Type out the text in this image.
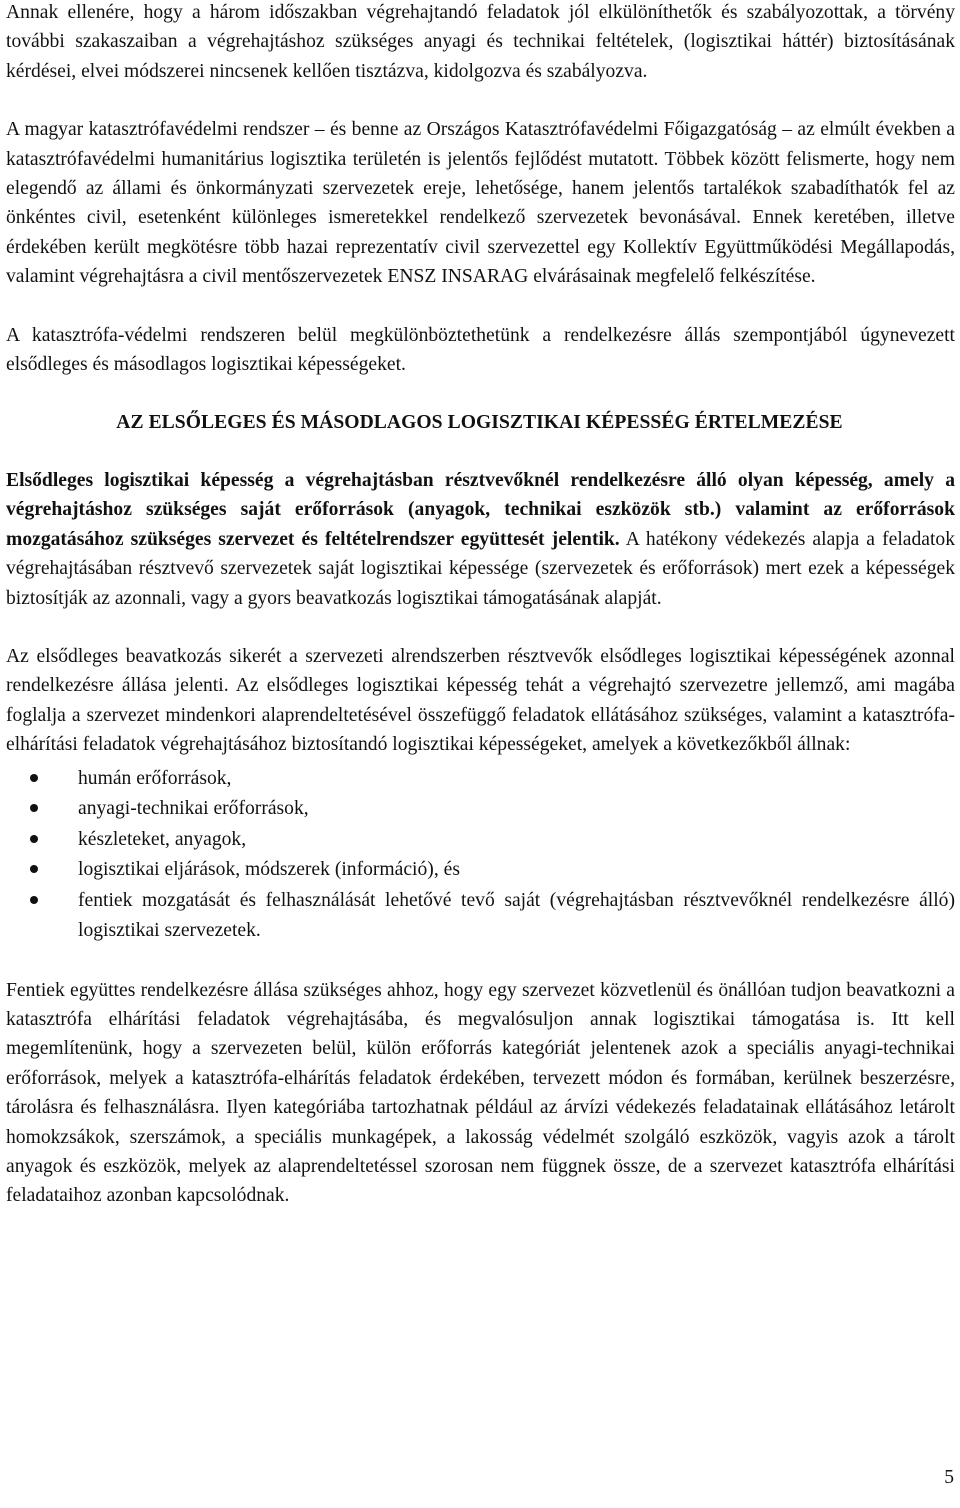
Annak ellenére, hogy a három időszakban végrehajtandó feladatok jól elkülöníthetők és szabályozottak, a törvény további szakaszaiban a végrehajtáshoz szükséges anyagi és technikai feltételek, (logisztikai háttér) biztosításának kérdései, elvei módszerei nincsenek kellően tisztázva, kidolgozva és szabályozva.

A magyar katasztrófavédelmi rendszer – és benne az Országos Katasztrófavédelmi Főigazgatóság – az elmúlt években a katasztrófavédelmi humanitárius logisztika területén is jelentős fejlődést mutatott. Többek között felismerte, hogy nem elegendő az állami és önkormányzati szervezetek ereje, lehetősége, hanem jelentős tartalékok szabadíthatók fel az önkéntes civil, esetenként különleges ismeretekkel rendelkező szervezetek bevonásával. Ennek keretében, illetve érdekében került megkötésre több hazai reprezentatív civil szervezettel egy Kollektív Együttműködési Megállapodás, valamint végrehajtásra a civil mentőszervezetek ENSZ INSARAG elvárásainak megfelelő felkészítése.

A katasztrófa-védelmi rendszeren belül megkülönböztethetünk a rendelkezésre állás szempontjából úgynevezett elsődleges és másodlagos logisztikai képességeket.

AZ ELSŐLEGES ÉS MÁSODLAGOS LOGISZTIKAI KÉPESSÉG ÉRTELMEZÉSE

Elsődleges logisztikai képesség a végrehajtásban résztvevőknél rendelkezésre álló olyan képesség, amely a végrehajtáshoz szükséges saját erőforrások (anyagok, technikai eszközök stb.) valamint az erőforrások mozgatásához szükséges szervezet és feltételrendszer együttesét jelentik. A hatékony védekezés alapja a feladatok végrehajtásában résztvevő szervezetek saját logisztikai képessége (szervezetek és erőforrások) mert ezek a képességek biztosítják az azonnali, vagy a gyors beavatkozás logisztikai támogatásának alapját.

Az elsődleges beavatkozás sikerét a szervezeti alrendszerben résztvevők elsődleges logisztikai képességének azonnal rendelkezésre állása jelenti. Az elsődleges logisztikai képesség tehát a végrehajtó szervezetre jellemző, ami magába foglalja a szervezet mindenkori alaprendeltetésével összefüggő feladatok ellátásához szükséges, valamint a katasztrófa-elhárítási feladatok végrehajtásához biztosítandó logisztikai képességeket, amelyek a következőkből állnak:

humán erőforrások,
anyagi-technikai erőforrások,
készleteket, anyagok,
logisztikai eljárások, módszerek (információ), és
fentiek mozgatását és felhasználását lehetővé tevő saját (végrehajtásban résztvevőknél rendelkezésre álló) logisztikai szervezetek.

Fentiek együttes rendelkezésre állása szükséges ahhoz, hogy egy szervezet közvetlenül és önállóan tudjon beavatkozni a katasztrófa elhárítási feladatok végrehajtásába, és megvalósuljon annak logisztikai támogatása is. Itt kell megemlítenünk, hogy a szervezeten belül, külön erőforrás kategóriát jelentenek azok a speciális anyagi-technikai erőforrások, melyek a katasztrófa-elhárítás feladatok érdekében, tervezett módon és formában, kerülnek beszerzésre, tárolásra és felhasználásra. Ilyen kategóriába tartozhatnak például az árvízi védekezés feladatainak ellátásához letárolt homokzsákok, szerszámok, a speciális munkagépek, a lakosság védelmét szolgáló eszközök, vagyis azok a tárolt anyagok és eszközök, melyek az alaprendeltetéssel szorosan nem függnek össze, de a szervezet katasztrófa elhárítási feladataihoz azonban kapcsolódnak.

5
